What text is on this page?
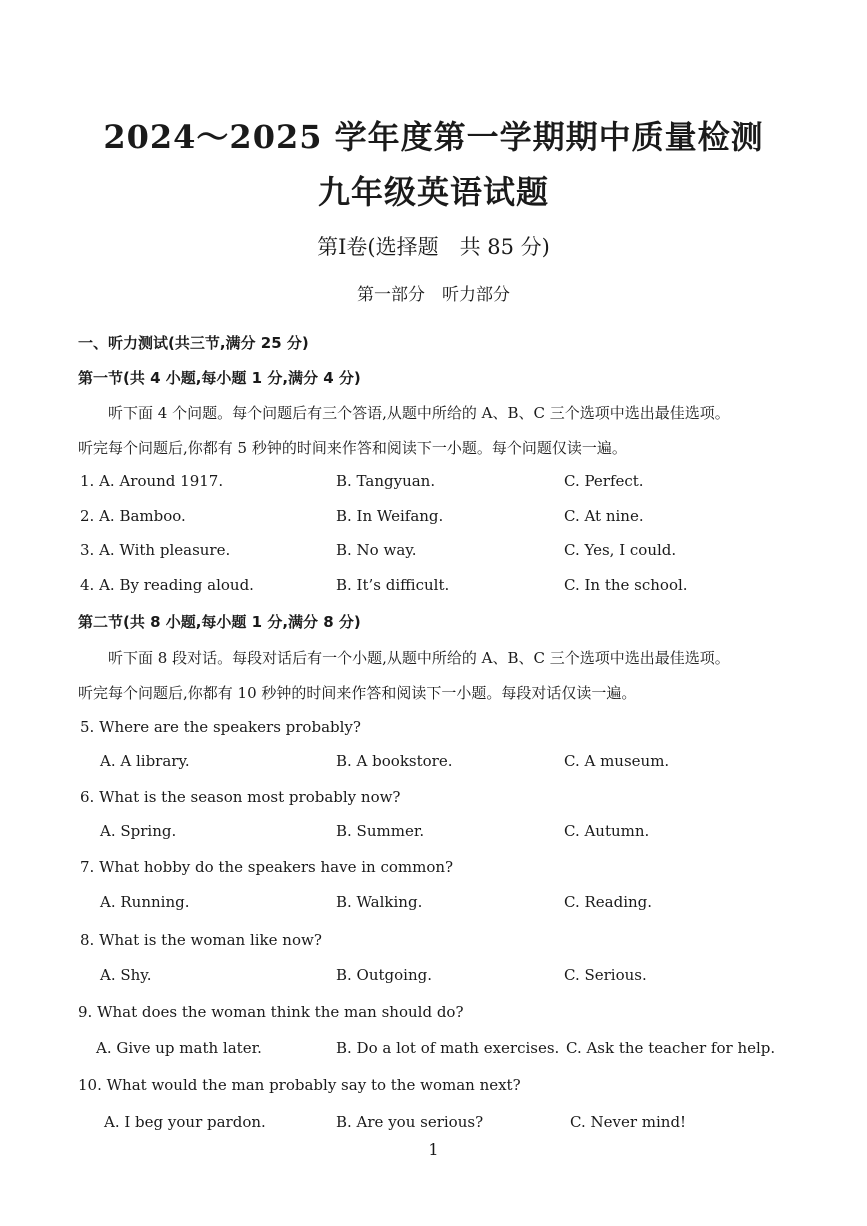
2024～2025 学年度第一学期期中质量检测
九年级英语试题
第Ⅰ卷(选择题　共 85 分)
第一部分　听力部分
一、听力测试(共三节,满分 25 分)
第一节(共 4 小题,每小题 1 分,满分 4 分)
听下面 4 个问题。每个问题后有三个答语,从题中所给的 A、B、C 三个选项中选出最佳选项。
听完每个问题后,你都有 5 秒钟的时间来作答和阅读下一小题。每个问题仅读一遍。
1. A. Around 1917.	B. Tangyuan.	C. Perfect.
2. A. Bamboo.	B. In Weifang.	C. At nine.
3. A. With pleasure.	B. No way.	C. Yes, I could.
4. A. By reading aloud.	B. It’s difficult.	C. In the school.
第二节(共 8 小题,每小题 1 分,满分 8 分)
听下面 8 段对话。每段对话后有一个小题,从题中所给的 A、B、C 三个选项中选出最佳选项。
听完每个问题后,你都有 10 秒钟的时间来作答和阅读下一小题。每段对话仅读一遍。
5. Where are the speakers probably?
A. A library.	B. A bookstore.	C. A museum.
6. What is the season most probably now?
A. Spring.	B. Summer.	C. Autumn.
7. What hobby do the speakers have in common?
A. Running.	B. Walking.	C. Reading.
8. What is the woman like now?
A. Shy.	B. Outgoing.	C. Serious.
9. What does the woman think the man should do?
A. Give up math later.	B. Do a lot of math exercises. C. Ask the teacher for help.
10. What would the man probably say to the woman next?
A. I beg your pardon.	B. Are you serious?	C. Never mind!
1
